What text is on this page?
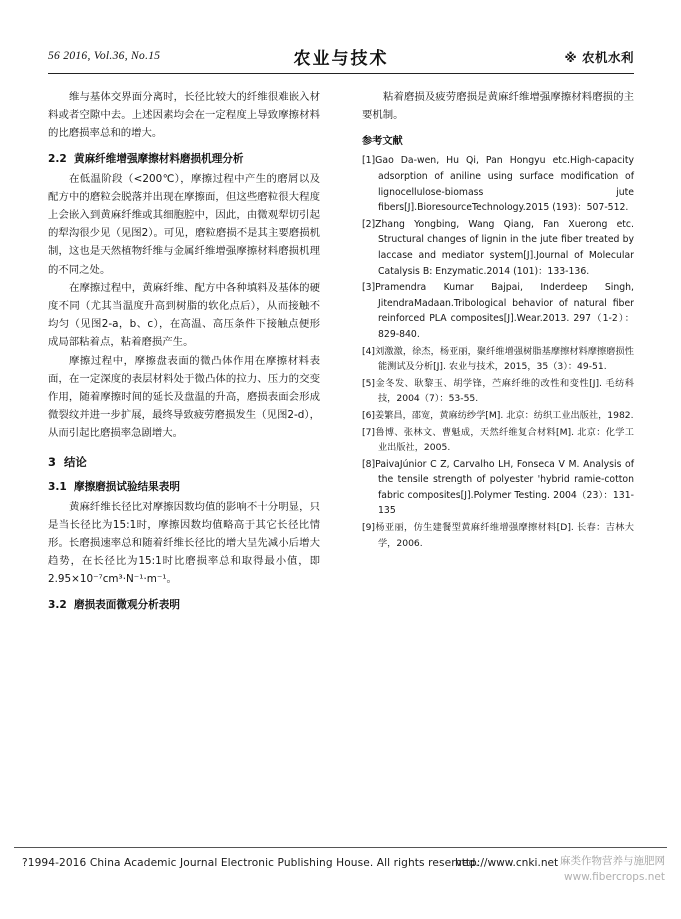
56 2016, Vol.36, No.15	农业与技术	※ 农机水利

维与基体交界面分离时，长径比较大的纤维很难嵌入材料或者空隙中去。上述因素均会在一定程度上导致摩擦材料的比磨损率总和的增大。

2.2 黄麻纤维增强摩擦材料磨损机理分析

在低温阶段（<200℃），摩擦过程中产生的磨屑以及配方中的磨粒会脱落并出现在摩擦面，但这些磨粒很大程度上会嵌入到黄麻纤维或其细胞腔中，因此，由微观犁切引起的犁沟很少见（见图2）。可见，磨粒磨损不是其主要磨损机制，这也是天然植物纤维与金属纤维增强摩擦材料磨损机理的不同之处。

在摩擦过程中，黄麻纤维、配方中各种填料及基体的硬度不同（尤其当温度升高到树脂的软化点后），从而接触不均匀（见图2-a，b、c），在高温、高压条件下接触点便形成局部粘着点，粘着磨损产生。

摩擦过程中，摩擦盘表面的微凸体作用在摩擦材料表面，在一定深度的表层材料处于微凸体的拉力、压力的交变作用，随着摩擦时间的延长及盘温的升高，磨损表面会形成微裂纹并进一步扩展，最终导致疲劳磨损发生（见图2-d），从而引起比磨损率急剧增大。

3 结论
3.1 摩擦磨损试验结果表明

黄麻纤维长径比对摩擦因数均值的影响不十分明显，只是当长径比为15:1时，摩擦因数均值略高于其它长径比情形。长磨损速率总和随着纤维长径比的增大呈先减小后增大趋势，在长径比为15:1时比磨损率总和取得最小值，即2.95×10⁻⁷cm³·N⁻¹·m⁻¹。

3.2 磨损表面微观分析表明

粘着磨损及疲劳磨损是黄麻纤维增强摩擦材料磨损的主要机制。

参考文献
[1]Gao Da-wen, Hu Qi, Pan Hongyu etc.High-capacity adsorption of aniline using surface modification of lignocellulose-biomass jute fibers[J].BioresourceTechnology.2015 (193)：507-512.
[2]Zhang Yongbing, Wang Qiang, Fan Xuerong etc. Structural changes of lignin in the jute fiber treated by laccase and mediator system[J].Journal of Molecular Catalysis B: Enzymatic.2014 (101)：133-136.
[3]Pramendra Kumar Bajpai, Inderdeep Singh, JitendraMadaan.Tribological behavior of natural fiber reinforced PLA composites[J].Wear.2013. 297（1-2）：829-840.
[4]刘激激，徐杰，杨亚丽，聚纤维增强树脂基摩擦材料摩擦磨损性能测试及分析[J]. 农业与技术，2015，35（3）：49-51.
[5]金冬发、耿黎玉、胡学锋，苎麻纤维的改性和变性[J]. 毛纺科技，2004（7）：53-55.
[6]姜繁昌，邵宽，黄麻纺纱学[M]. 北京：纺织工业出版社，1982.
[7]鲁博、张林文、曹魁成，天然纤维复合材料[M]. 北京：化学工业出版社，2005.
[8]PaivaJúnior C Z, Carvalho LH, Fonseca V M. Analysis of the tensile strength of polyester 'hybrid ramie-cotton fabric composites[J].Polymer Testing. 2004（23）：131-135
[9]杨亚丽，仿生建餐型黄麻纤维增强摩擦材料[D]. 长春：吉林大学，2006.
?1994-2016 China Academic Journal Electronic Publishing House. All rights reserved.
http://www.cnki.net 麻类作物营养与施肥网
www.fibercrops.net
